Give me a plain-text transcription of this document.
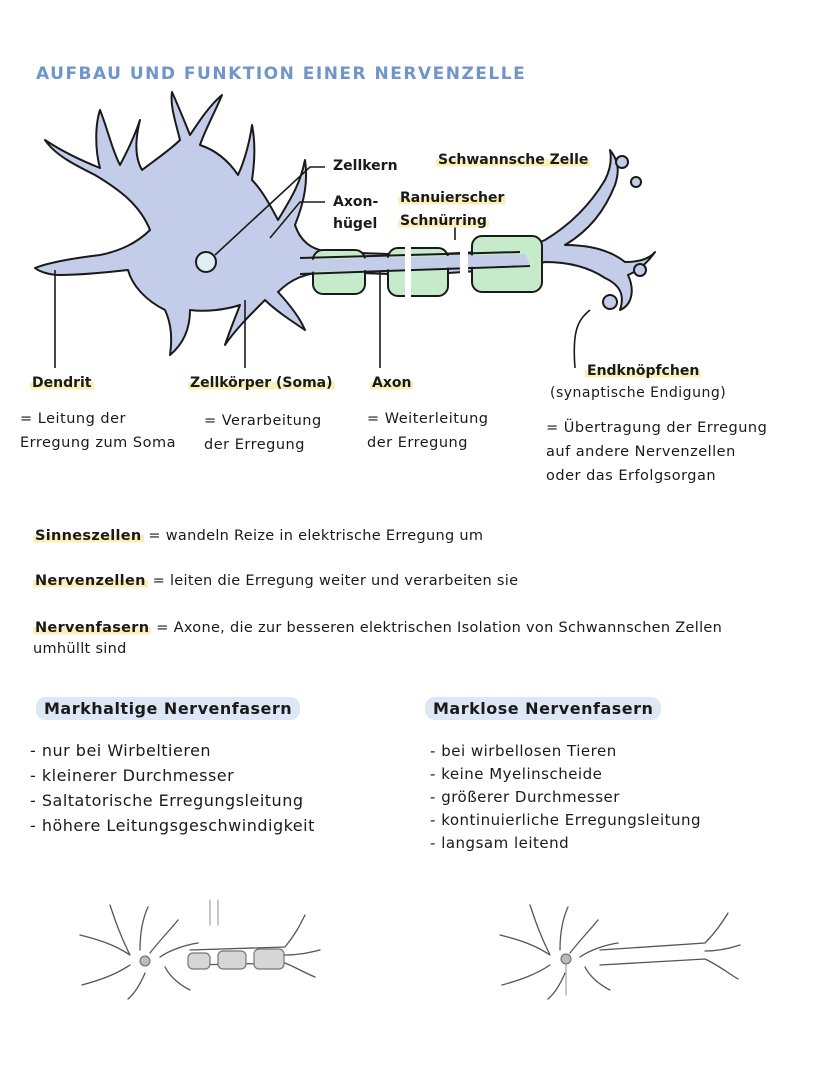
AUFBAU UND FUNKTION EINER NERVENZELLE
Zellkern
Axon-
hügel
Ranuierscher
Schnürring
Schwannsche Zelle
Dendrit
= Leitung der
Erregung zum Soma
Zellkörper (Soma)
= Verarbeitung
der Erregung
Axon
= Weiterleitung
der Erregung
Endknöpfchen
(synaptische Endigung)
= Übertragung der Erregung
auf andere Nervenzellen
oder das Erfolgsorgan
Sinneszellen = wandeln Reize in elektrische Erregung um
Nervenzellen = leiten die Erregung weiter und verarbeiten sie
Nervenfasern = Axone, die zur besseren elektrischen Isolation von Schwannschen Zellen
umhüllt sind
Markhaltige Nervenfasern
- nur bei Wirbeltieren
- kleinerer Durchmesser
- Saltatorische Erregungsleitung
- höhere Leitungsgeschwindigkeit
Marklose Nervenfasern
- bei wirbellosen Tieren
- keine Myelinscheide
- größerer Durchmesser
- kontinuierliche Erregungsleitung
- langsam leitend
